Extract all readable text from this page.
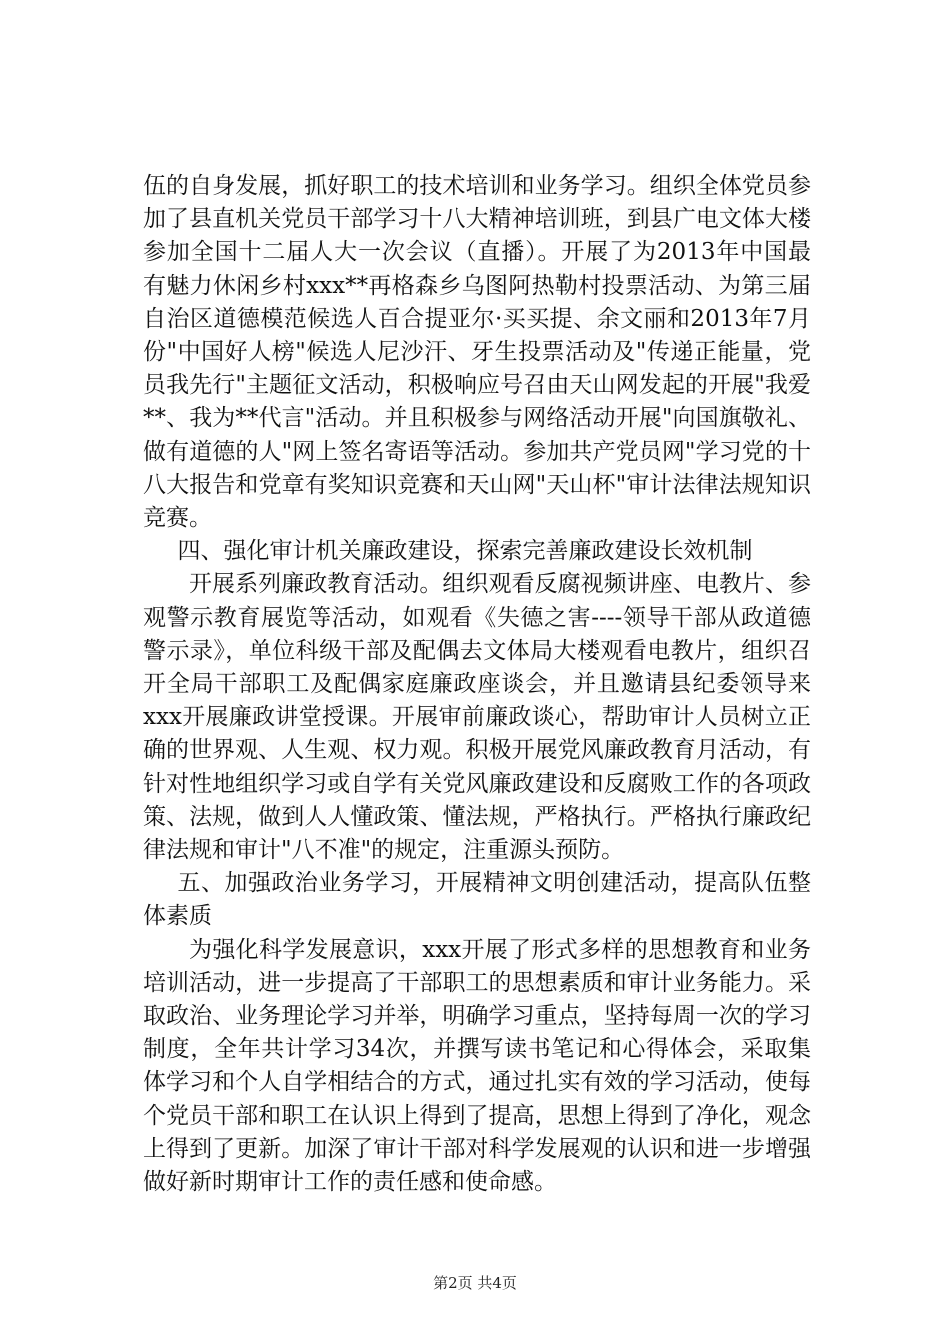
伍的自身发展，抓好职工的技术培训和业务学习。组织全体党员参加了县直机关党员干部学习十八大精神培训班，到县广电文体大楼参加全国十二届人大一次会议（直播）。开展了为2013年中国最有魅力休闲乡村xxx**再格森乡乌图阿热勒村投票活动、为第三届自治区道德模范候选人百合提亚尔·买买提、余文丽和2013年7月份"中国好人榜"候选人尼沙汗、牙生投票活动及"传递正能量，党员我先行"主题征文活动，积极响应号召由天山网发起的开展"我爱**、我为**代言"活动。并且积极参与网络活动开展"向国旗敬礼、做有道德的人"网上签名寄语等活动。参加共产党员网"学习党的十八大报告和党章有奖知识竞赛和天山网"天山杯"审计法律法规知识竞赛。

四、强化审计机关廉政建设，探索完善廉政建设长效机制

开展系列廉政教育活动。组织观看反腐视频讲座、电教片、参观警示教育展览等活动，如观看《失德之害----领导干部从政道德警示录》，单位科级干部及配偶去文体局大楼观看电教片，组织召开全局干部职工及配偶家庭廉政座谈会，并且邀请县纪委领导来xxx开展廉政讲堂授课。开展审前廉政谈心，帮助审计人员树立正确的世界观、人生观、权力观。积极开展党风廉政教育月活动，有针对性地组织学习或自学有关党风廉政建设和反腐败工作的各项政策、法规，做到人人懂政策、懂法规，严格执行。严格执行廉政纪律法规和审计"八不准"的规定，注重源头预防。

五、加强政治业务学习，开展精神文明创建活动，提高队伍整体素质

为强化科学发展意识，xxx开展了形式多样的思想教育和业务培训活动，进一步提高了干部职工的思想素质和审计业务能力。采取政治、业务理论学习并举，明确学习重点，坚持每周一次的学习制度，全年共计学习34次，并撰写读书笔记和心得体会，采取集体学习和个人自学相结合的方式，通过扎实有效的学习活动，使每个党员干部和职工在认识上得到了提高，思想上得到了净化，观念上得到了更新。加深了审计干部对科学发展观的认识和进一步增强做好新时期审计工作的责任感和使命感。

第2页 共4页
